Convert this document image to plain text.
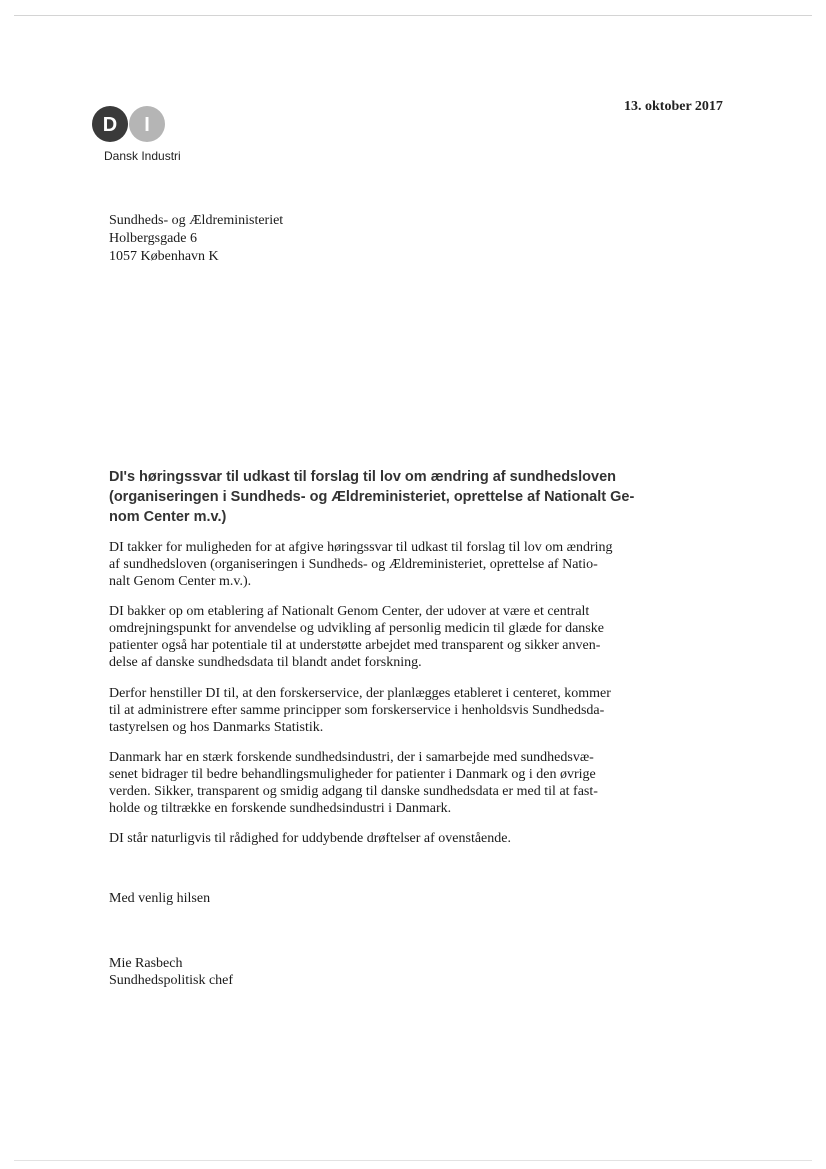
D I
Dansk Industri
13. oktober 2017
Sundheds- og Ældreministeriet
Holbergsgade 6
1057 København K
DI's høringssvar til udkast til forslag til lov om ændring af sundhedsloven
(organiseringen i Sundheds- og Ældreministeriet, oprettelse af Nationalt Ge-
nom Center m.v.)
DI takker for muligheden for at afgive høringssvar til udkast til forslag til lov om ændring
af sundhedsloven (organiseringen i Sundheds- og Ældreministeriet, oprettelse af Natio-
nalt Genom Center m.v.).
DI bakker op om etablering af Nationalt Genom Center, der udover at være et centralt
omdrejningspunkt for anvendelse og udvikling af personlig medicin til glæde for danske
patienter også har potentiale til at understøtte arbejdet med transparent og sikker anven-
delse af danske sundhedsdata til blandt andet forskning.
Derfor henstiller DI til, at den forskerservice, der planlægges etableret i centeret, kommer
til at administrere efter samme principper som forskerservice i henholdsvis Sundhedsda-
tastyrelsen og hos Danmarks Statistik.
Danmark har en stærk forskende sundhedsindustri, der i samarbejde med sundhedsvæ-
senet bidrager til bedre behandlingsmuligheder for patienter i Danmark og i den øvrige
verden. Sikker, transparent og smidig adgang til danske sundhedsdata er med til at fast-
holde og tiltrække en forskende sundhedsindustri i Danmark.
DI står naturligvis til rådighed for uddybende drøftelser af ovenstående.
Med venlig hilsen
Mie Rasbech
Sundhedspolitisk chef
